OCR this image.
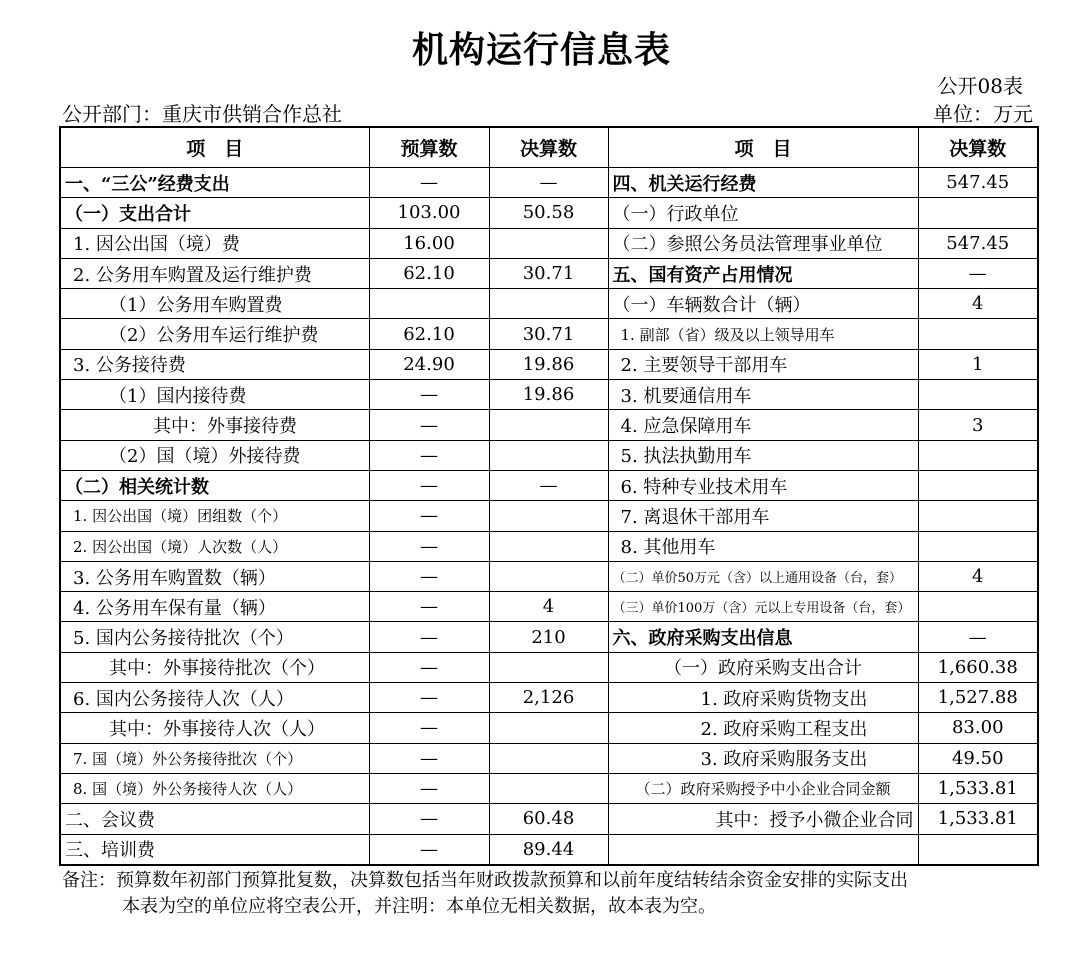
机构运行信息表
公开08表
公开部门：重庆市供销合作总社	单位：万元
项　目	预算数	决算数	项　目	决算数
一、“三公”经费支出	—	—	四、机关运行经费	547.45
（一）支出合计	103.00	50.58	（一）行政单位	
1. 因公出国（境）费	16.00		（二）参照公务员法管理事业单位	547.45
2. 公务用车购置及运行维护费	62.10	30.71	五、国有资产占用情况	—
（1）公务用车购置费			（一）车辆数合计（辆）	4
（2）公务用车运行维护费	62.10	30.71	1. 副部（省）级及以上领导用车	
3. 公务接待费	24.90	19.86	2. 主要领导干部用车	1
（1）国内接待费	—	19.86	3. 机要通信用车	
其中：外事接待费	—		4. 应急保障用车	3
（2）国（境）外接待费	—		5. 执法执勤用车	
（二）相关统计数	—	—	6. 特种专业技术用车	
1. 因公出国（境）团组数（个）	—		7. 离退休干部用车	
2. 因公出国（境）人次数（人）	—		8. 其他用车	
3. 公务用车购置数（辆）	—		（二）单价50万元（含）以上通用设备（台，套）	4
4. 公务用车保有量（辆）	—	4	（三）单价100万（含）元以上专用设备（台，套）	
5. 国内公务接待批次（个）	—	210	六、政府采购支出信息	—
其中：外事接待批次（个）	—		（一）政府采购支出合计	1,660.38
6. 国内公务接待人次（人）	—	2,126	1. 政府采购货物支出	1,527.88
其中：外事接待人次（人）	—		2. 政府采购工程支出	83.00
7. 国（境）外公务接待批次（个）	—		3. 政府采购服务支出	49.50
8. 国（境）外公务接待人次（人）	—		（二）政府采购授予中小企业合同金额	1,533.81
二、会议费	—	60.48	其中：授予小微企业合同	1,533.81
三、培训费	—	89.44		
备注：预算数年初部门预算批复数，决算数包括当年财政拨款预算和以前年度结转结余资金安排的实际支出
本表为空的单位应将空表公开，并注明：本单位无相关数据，故本表为空。
